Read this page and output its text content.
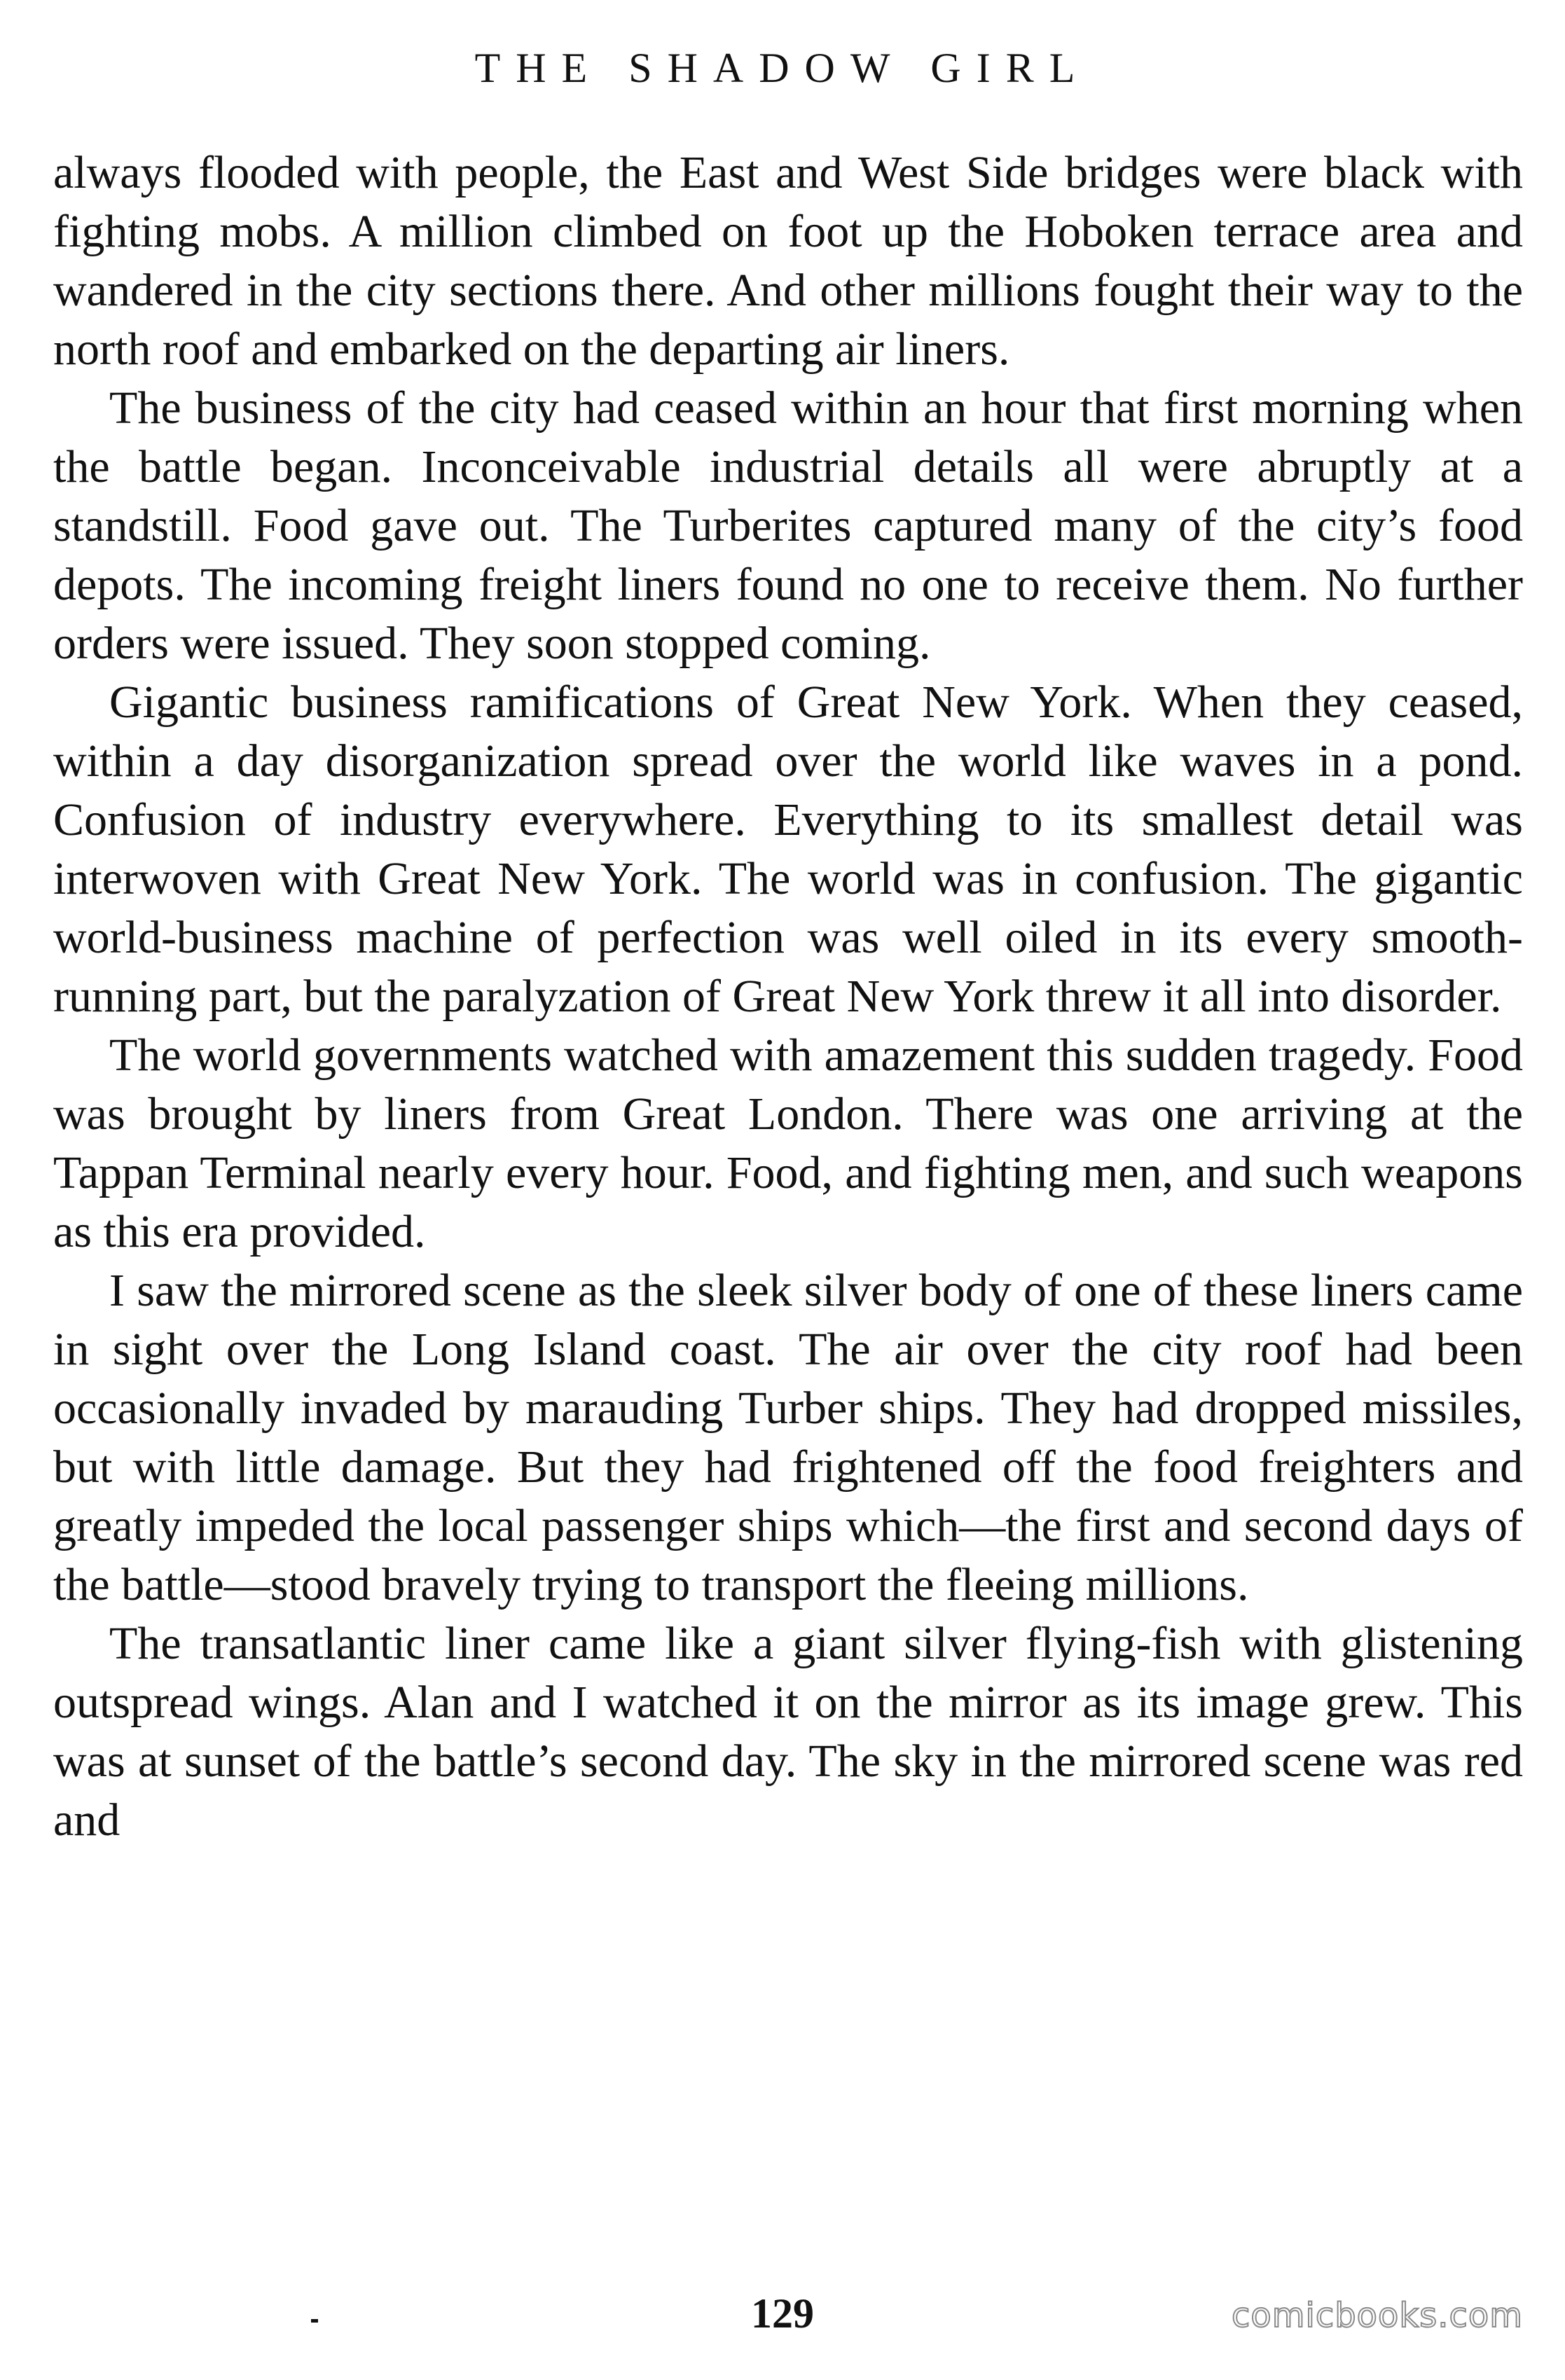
THE SHADOW GIRL

always flooded with people, the East and West Side bridges were black with fighting mobs. A million climbed on foot up the Hoboken terrace area and wandered in the city sections there. And other millions fought their way to the north roof and embarked on the departing air liners.

The business of the city had ceased within an hour that first morning when the battle began. Inconceivable industrial details all were abruptly at a standstill. Food gave out. The Turberites captured many of the city’s food depots. The incoming freight liners found no one to receive them. No further orders were issued. They soon stopped coming.

Gigantic business ramifications of Great New York. When they ceased, within a day disorganization spread over the world like waves in a pond. Confusion of industry everywhere. Everything to its smallest detail was interwoven with Great New York. The world was in confusion. The gigantic world-business machine of perfection was well oiled in its every smooth-running part, but the paralyzation of Great New York threw it all into disorder.

The world governments watched with amazement this sudden tragedy. Food was brought by liners from Great London. There was one arriving at the Tappan Terminal nearly every hour. Food, and fighting men, and such weapons as this era provided.

I saw the mirrored scene as the sleek silver body of one of these liners came in sight over the Long Island coast. The air over the city roof had been occasionally invaded by marauding Turber ships. They had dropped missiles, but with little damage. But they had frightened off the food freighters and greatly impeded the local passenger ships which—the first and second days of the battle—stood bravely trying to transport the fleeing millions.

The transatlantic liner came like a giant silver flying-fish with glistening outspread wings. Alan and I watched it on the mirror as its image grew. This was at sunset of the battle’s second day. The sky in the mirrored scene was red and

129	comicbooks.com
